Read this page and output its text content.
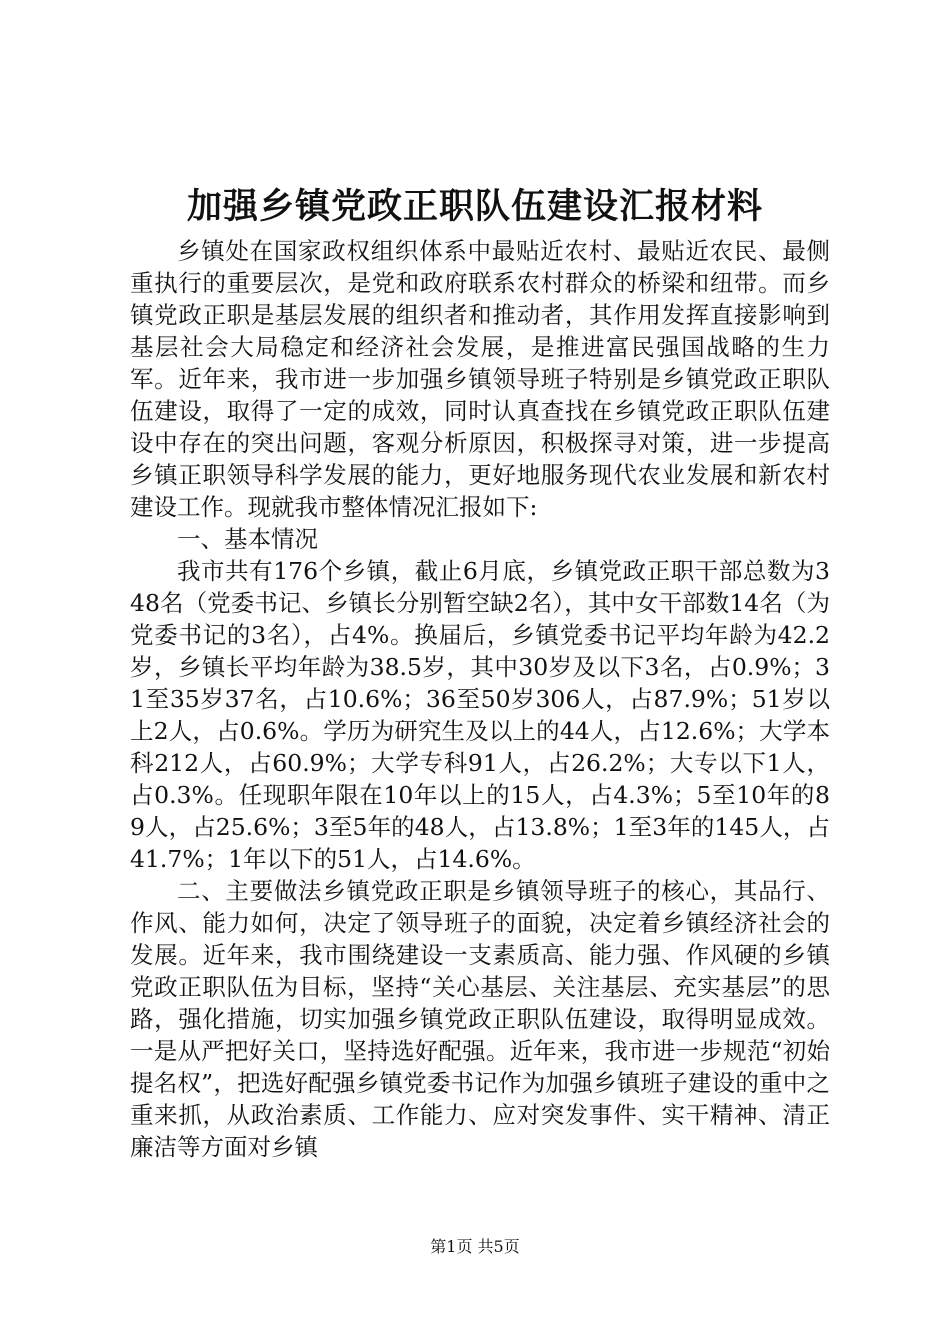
加强乡镇党政正职队伍建设汇报材料

乡镇处在国家政权组织体系中最贴近农村、最贴近农民、最侧重执行的重要层次，是党和政府联系农村群众的桥梁和纽带。而乡镇党政正职是基层发展的组织者和推动者，其作用发挥直接影响到基层社会大局稳定和经济社会发展，是推进富民强国战略的生力军。近年来，我市进一步加强乡镇领导班子特别是乡镇党政正职队伍建设，取得了一定的成效，同时认真查找在乡镇党政正职队伍建设中存在的突出问题，客观分析原因，积极探寻对策，进一步提高乡镇正职领导科学发展的能力，更好地服务现代农业发展和新农村建设工作。现就我市整体情况汇报如下:

一、基本情况

我市共有176个乡镇，截止6月底，乡镇党政正职干部总数为348名（党委书记、乡镇长分别暂空缺2名），其中女干部数14名（为党委书记的3名），占4%。换届后，乡镇党委书记平均年龄为42.2岁，乡镇长平均年龄为38.5岁，其中30岁及以下3名，占0.9%；31至35岁37名，占10.6%；36至50岁306人，占87.9%；51岁以上2人，占0.6%。学历为研究生及以上的44人，占12.6%；大学本科212人，占60.9%；大学专科91人，占26.2%；大专以下1人，占0.3%。任现职年限在10年以上的15人，占4.3%；5至10年的89人，占25.6%；3至5年的48人，占13.8%；1至3年的145人，占41.7%；1年以下的51人，占14.6%。

二、主要做法乡镇党政正职是乡镇领导班子的核心，其品行、作风、能力如何，决定了领导班子的面貌，决定着乡镇经济社会的发展。近年来，我市围绕建设一支素质高、能力强、作风硬的乡镇党政正职队伍为目标，坚持“关心基层、关注基层、充实基层”的思路，强化措施，切实加强乡镇党政正职队伍建设，取得明显成效。一是从严把好关口，坚持选好配强。近年来，我市进一步规范“初始提名权”，把选好配强乡镇党委书记作为加强乡镇班子建设的重中之重来抓，从政治素质、工作能力、应对突发事件、实干精神、清正廉洁等方面对乡镇

第1页 共5页
